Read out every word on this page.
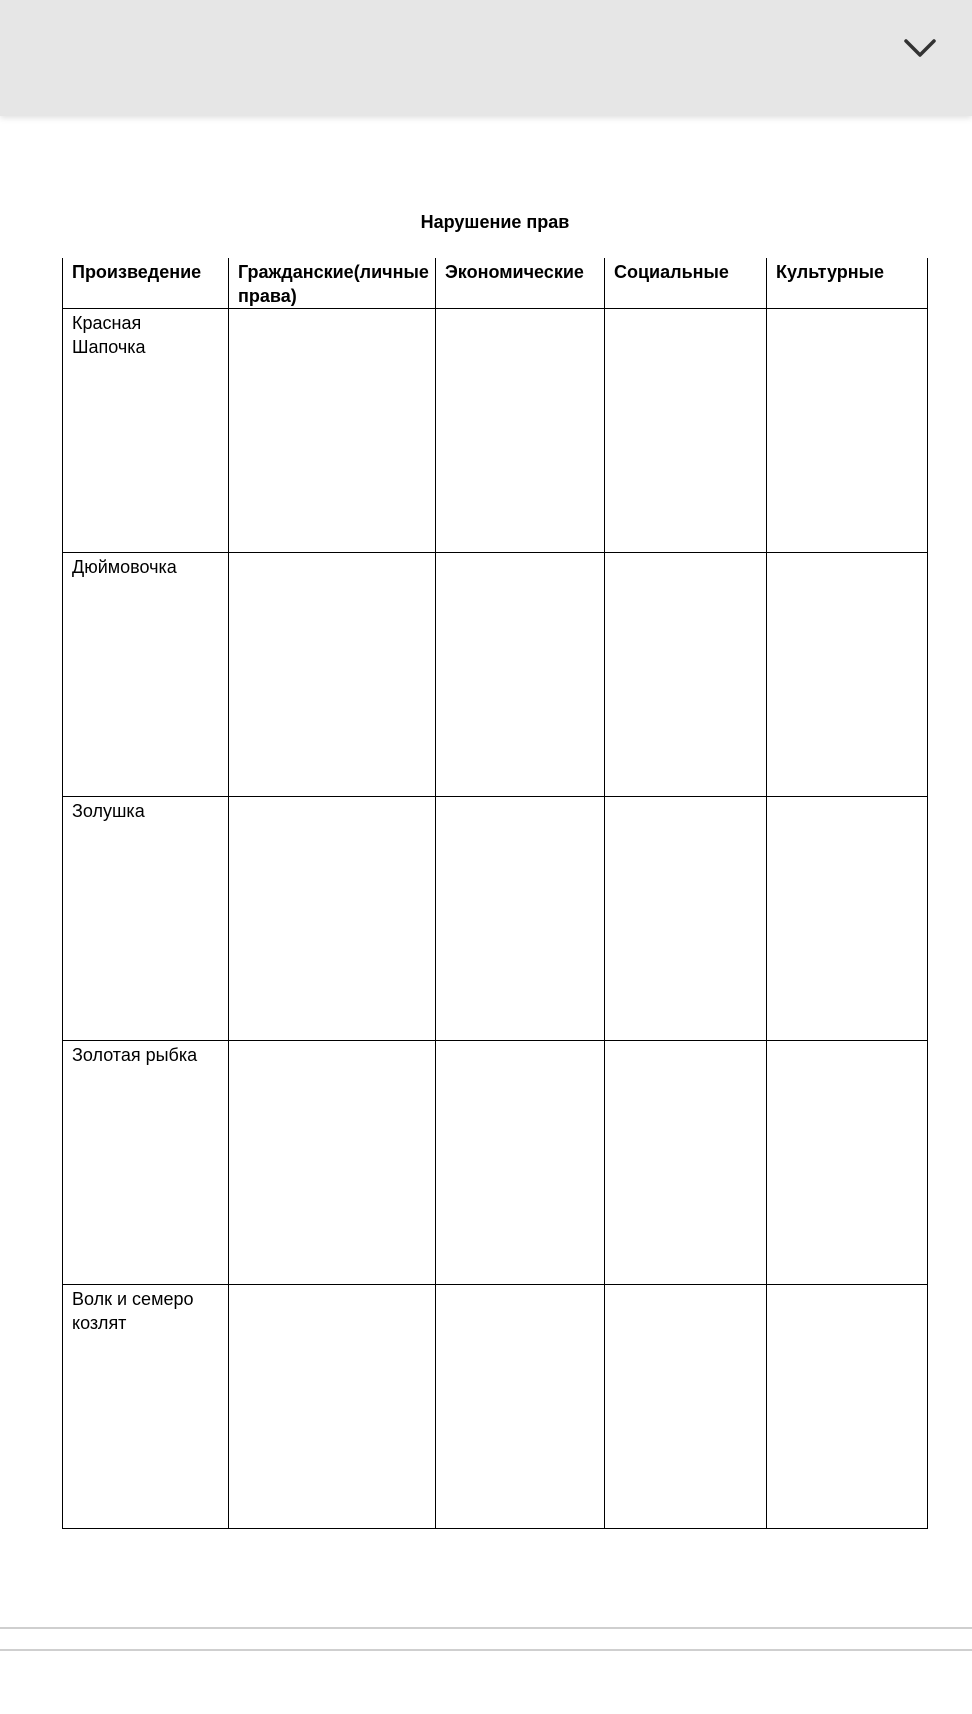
Нарушение прав
Произведение	Гражданские(личные права)	Экономические	Социальные	Культурные
Красная Шапочка				
Дюймовочка				
Золушка				
Золотая рыбка				
Волк и семеро козлят				
